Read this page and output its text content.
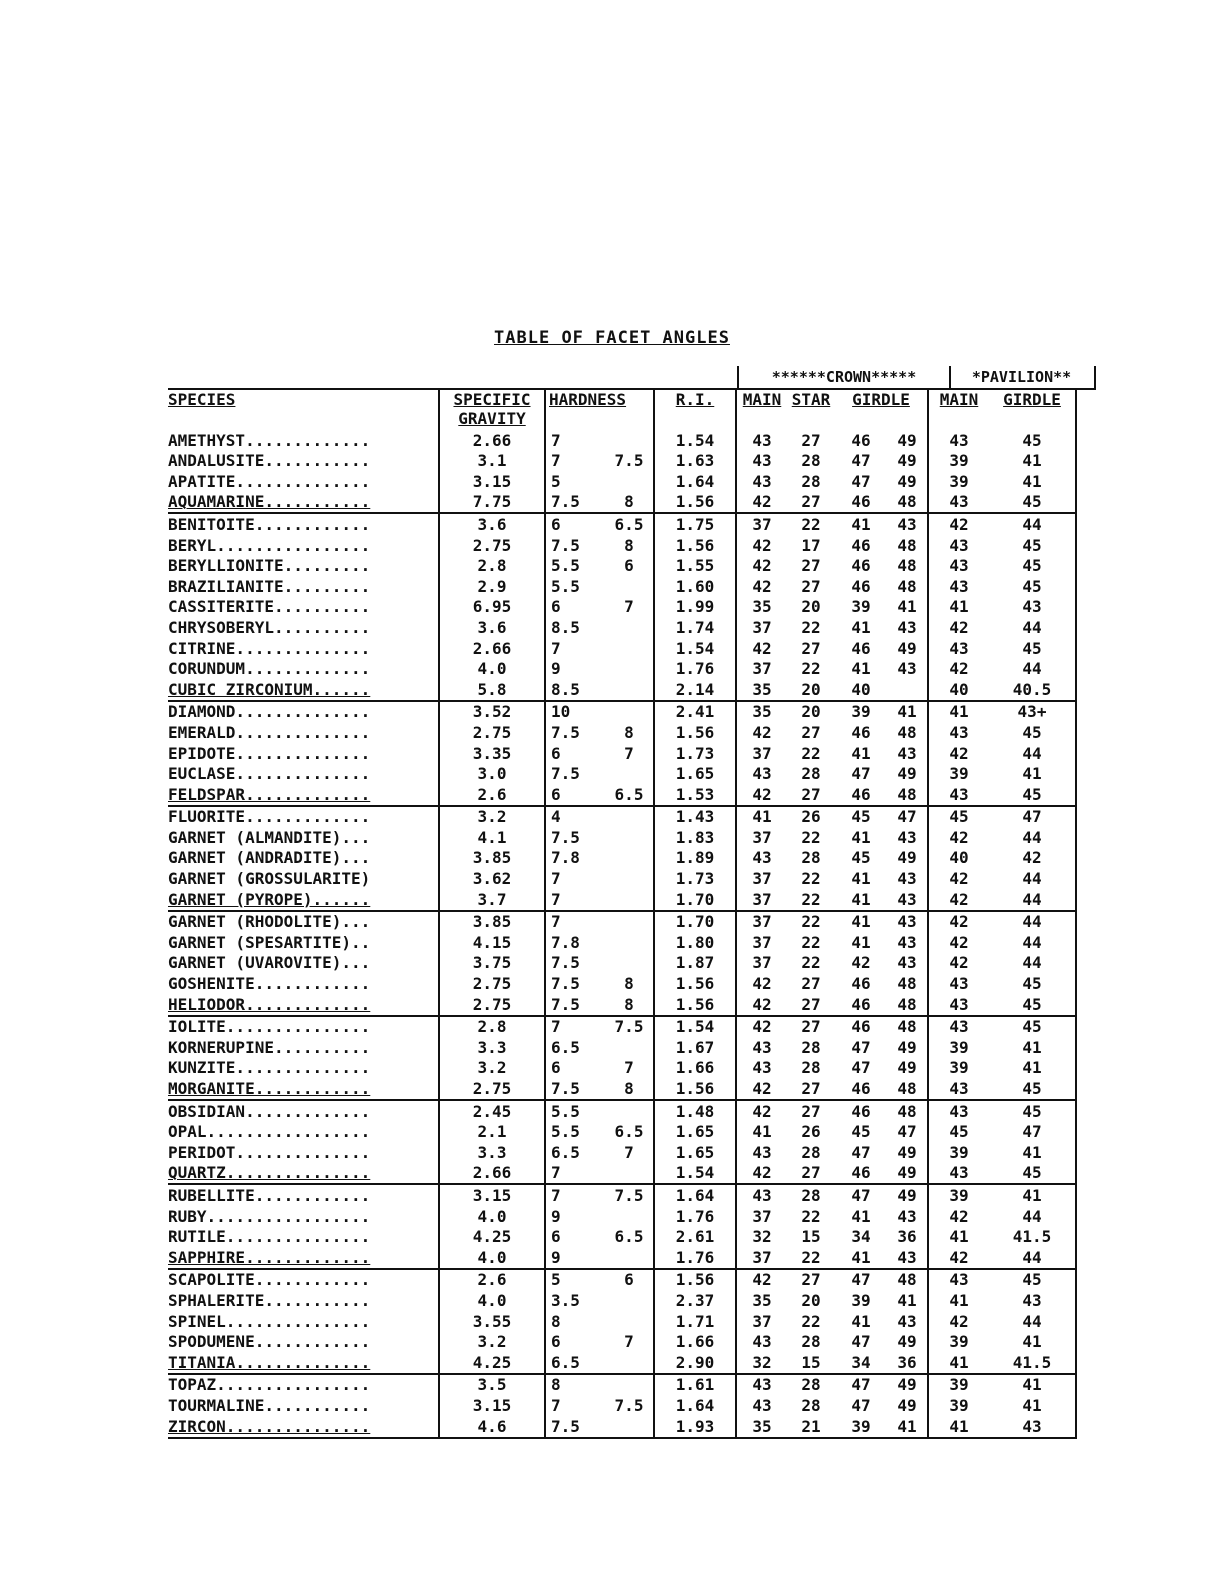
TABLE OF FACET ANGLES
******CROWN*****	*PAVILION**
SPECIES	SPECIFIC GRAVITY	HARDNESS		R.I.	MAIN	STAR	GIRDLE		MAIN	GIRDLE
AMETHYST.............	2.66	7		1.54	43	27	46	49	43	45
ANDALUSITE...........	3.1	7	7.5	1.63	43	28	47	49	39	41
APATITE..............	3.15	5		1.64	43	28	47	49	39	41
AQUAMARINE...........	7.75	7.5	8	1.56	42	27	46	48	43	45
BENITOITE............	3.6	6	6.5	1.75	37	22	41	43	42	44
BERYL................	2.75	7.5	8	1.56	42	17	46	48	43	45
BERYLLIONITE.........	2.8	5.5	6	1.55	42	27	46	48	43	45
BRAZILIANITE.........	2.9	5.5		1.60	42	27	46	48	43	45
CASSITERITE..........	6.95	6	7	1.99	35	20	39	41	41	43
CHRYSOBERYL..........	3.6	8.5		1.74	37	22	41	43	42	44
CITRINE..............	2.66	7		1.54	42	27	46	49	43	45
CORUNDUM.............	4.0	9		1.76	37	22	41	43	42	44
CUBIC ZIRCONIUM......	5.8	8.5		2.14	35	20	40		40	40.5
DIAMOND..............	3.52	10		2.41	35	20	39	41	41	43+
EMERALD..............	2.75	7.5	8	1.56	42	27	46	48	43	45
EPIDOTE..............	3.35	6	7	1.73	37	22	41	43	42	44
EUCLASE..............	3.0	7.5		1.65	43	28	47	49	39	41
FELDSPAR.............	2.6	6	6.5	1.53	42	27	46	48	43	45
FLUORITE.............	3.2	4		1.43	41	26	45	47	45	47
GARNET (ALMANDITE)...	4.1	7.5		1.83	37	22	41	43	42	44
GARNET (ANDRADITE)...	3.85	7.8		1.89	43	28	45	49	40	42
GARNET (GROSSULARITE)	3.62	7		1.73	37	22	41	43	42	44
GARNET (PYROPE)......	3.7	7		1.70	37	22	41	43	42	44
GARNET (RHODOLITE)...	3.85	7		1.70	37	22	41	43	42	44
GARNET (SPESARTITE)..	4.15	7.8		1.80	37	22	41	43	42	44
GARNET (UVAROVITE)...	3.75	7.5		1.87	37	22	42	43	42	44
GOSHENITE............	2.75	7.5	8	1.56	42	27	46	48	43	45
HELIODOR.............	2.75	7.5	8	1.56	42	27	46	48	43	45
IOLITE...............	2.8	7	7.5	1.54	42	27	46	48	43	45
KORNERUPINE..........	3.3	6.5		1.67	43	28	47	49	39	41
KUNZITE..............	3.2	6	7	1.66	43	28	47	49	39	41
MORGANITE............	2.75	7.5	8	1.56	42	27	46	48	43	45
OBSIDIAN.............	2.45	5.5		1.48	42	27	46	48	43	45
OPAL.................	2.1	5.5	6.5	1.65	41	26	45	47	45	47
PERIDOT..............	3.3	6.5	7	1.65	43	28	47	49	39	41
QUARTZ...............	2.66	7		1.54	42	27	46	49	43	45
RUBELLITE............	3.15	7	7.5	1.64	43	28	47	49	39	41
RUBY.................	4.0	9		1.76	37	22	41	43	42	44
RUTILE...............	4.25	6	6.5	2.61	32	15	34	36	41	41.5
SAPPHIRE.............	4.0	9		1.76	37	22	41	43	42	44
SCAPOLITE............	2.6	5	6	1.56	42	27	47	48	43	45
SPHALERITE...........	4.0	3.5		2.37	35	20	39	41	41	43
SPINEL...............	3.55	8		1.71	37	22	41	43	42	44
SPODUMENE............	3.2	6	7	1.66	43	28	47	49	39	41
TITANIA..............	4.25	6.5		2.90	32	15	34	36	41	41.5
TOPAZ................	3.5	8		1.61	43	28	47	49	39	41
TOURMALINE...........	3.15	7	7.5	1.64	43	28	47	49	39	41
ZIRCON...............	4.6	7.5		1.93	35	21	39	41	41	43
